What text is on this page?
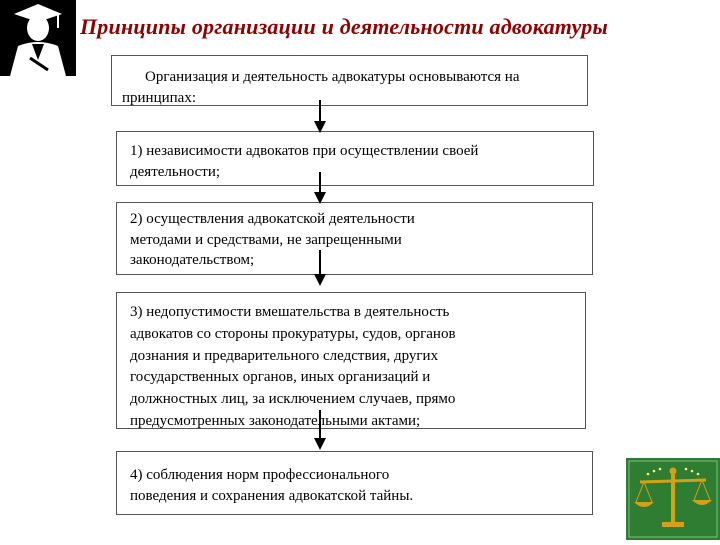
Принципы организации и деятельности адвокатуры
Организация и деятельность адвокатуры основываются на
принципах:
1) независимости адвокатов при осуществлении своей
деятельности;
2) осуществления адвокатской деятельности
методами и средствами, не запрещенными
законодательством;
3) недопустимости вмешательства в деятельность
адвокатов со стороны прокуратуры, судов, органов
дознания и предварительного следствия, других
государственных органов, иных организаций и
должностных лиц, за исключением случаев, прямо
предусмотренных законодательными актами;
4) соблюдения норм профессионального
поведения и сохранения адвокатской тайны.
